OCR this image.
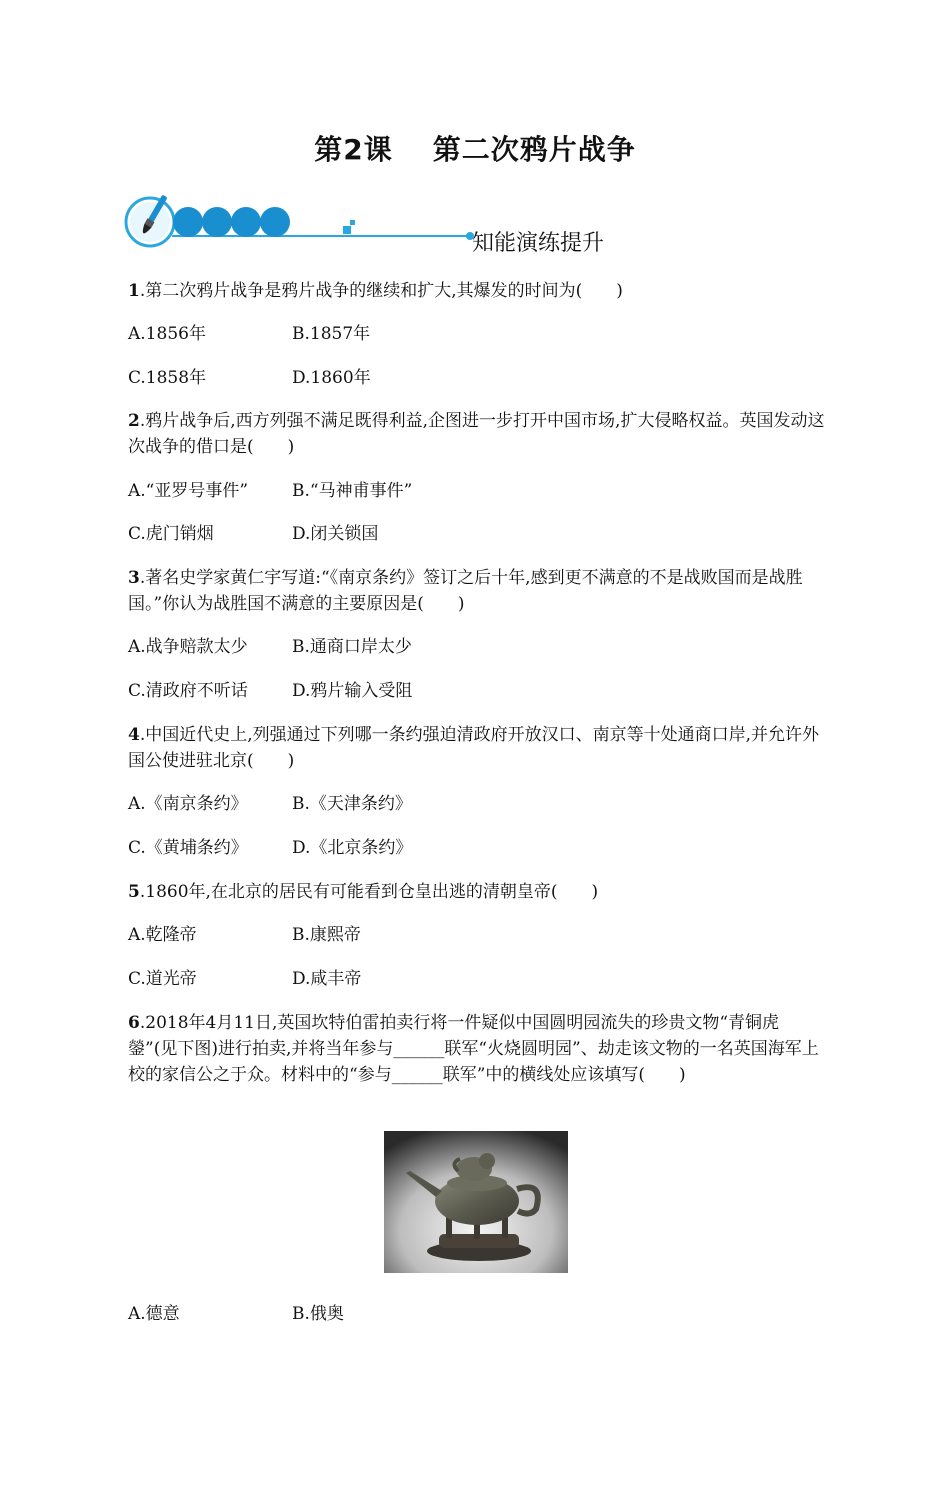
第2课 第二次鸦片战争
知能演练提升
1.第二次鸦片战争是鸦片战争的继续和扩大,其爆发的时间为(　　)
A.1856年	B.1857年
C.1858年	D.1860年
2.鸦片战争后,西方列强不满足既得利益,企图进一步打开中国市场,扩大侵略权益。英国发动这次战争的借口是(　　)
A.“亚罗号事件”	B.“马神甫事件”
C.虎门销烟	D.闭关锁国
3.著名史学家黄仁宇写道:“《南京条约》签订之后十年,感到更不满意的不是战败国而是战胜国。”你认为战胜国不满意的主要原因是(　　)
A.战争赔款太少	B.通商口岸太少
C.清政府不听话	D.鸦片输入受阻
4.中国近代史上,列强通过下列哪一条约强迫清政府开放汉口、南京等十处通商口岸,并允许外国公使进驻北京(　　)
A.《南京条约》	B.《天津条约》
C.《黄埔条约》	D.《北京条约》
5.1860年,在北京的居民有可能看到仓皇出逃的清朝皇帝(　　)
A.乾隆帝	B.康熙帝
C.道光帝	D.咸丰帝
6.2018年4月11日,英国坎特伯雷拍卖行将一件疑似中国圆明园流失的珍贵文物“青铜虎鎣”(见下图)进行拍卖,并将当年参与______联军“火烧圆明园”、劫走该文物的一名英国海军上校的家信公之于众。材料中的“参与______联军”中的横线处应该填写(　　)
A.德意	B.俄奥
